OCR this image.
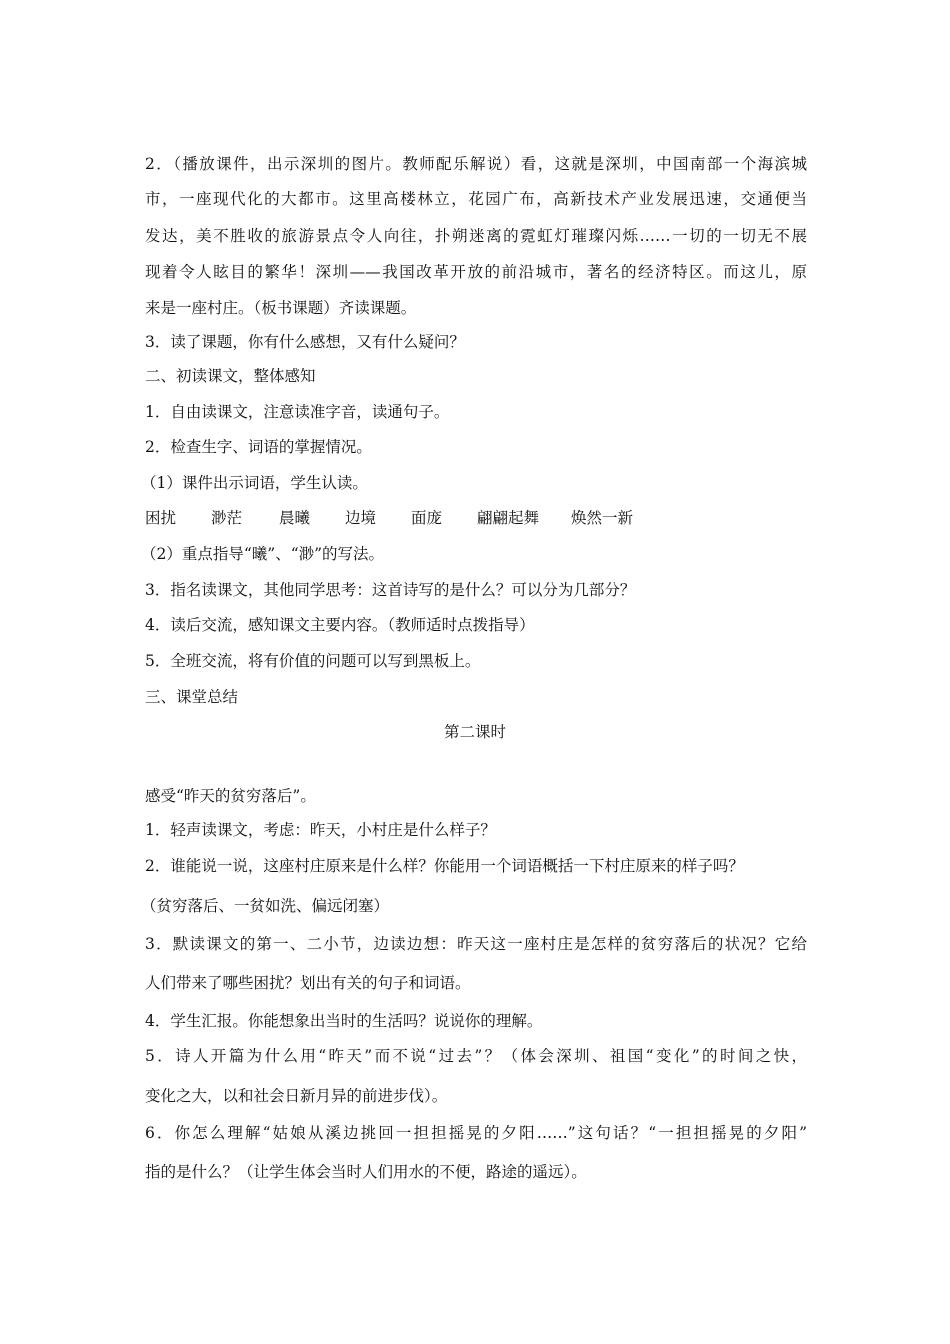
2．（播放课件，出示深圳的图片。教师配乐解说）看，这就是深圳，中国南部一个海滨城

市，一座现代化的大都市。这里高楼林立，花园广布，高新技术产业发展迅速，交通便当

发达，美不胜收的旅游景点令人向往，扑朔迷离的霓虹灯璀璨闪烁……一切的一切无不展

现着令人眩目的繁华！深圳——我国改革开放的前沿城市，著名的经济特区。而这儿，原

来是一座村庄。（板书课题）齐读课题。

3．读了课题，你有什么感想，又有什么疑问？

二、初读课文，整体感知

1．自由读课文，注意读准字音，读通句子。

2．检查生字、词语的掌握情况。

（1）课件出示词语，学生认读。

困扰 渺茫 晨曦 边境 面庞 翩翩起舞 焕然一新

（2）重点指导“曦”、“渺”的写法。

3．指名读课文，其他同学思考：这首诗写的是什么？可以分为几部分？

4．读后交流，感知课文主要内容。（教师适时点拨指导）

5．全班交流，将有价值的问题可以写到黑板上。

三、课堂总结

第二课时

感受“昨天的贫穷落后”。

1．轻声读课文，考虑：昨天，小村庄是什么样子？

2．谁能说一说，这座村庄原来是什么样？你能用一个词语概括一下村庄原来的样子吗？

（贫穷落后、一贫如洗、偏远闭塞）

3．默读课文的第一、二小节，边读边想：昨天这一座村庄是怎样的贫穷落后的状况？它给

人们带来了哪些困扰？划出有关的句子和词语。

4．学生汇报。你能想象出当时的生活吗？说说你的理解。

5．诗人开篇为什么用“昨天”而不说“过去”？（体会深圳、祖国“变化”的时间之快，

变化之大，以和社会日新月异的前进步伐）。

6．你怎么理解“姑娘从溪边挑回一担担摇晃的夕阳……”这句话？“一担担摇晃的夕阳”

指的是什么？（让学生体会当时人们用水的不便，路途的遥远）。
